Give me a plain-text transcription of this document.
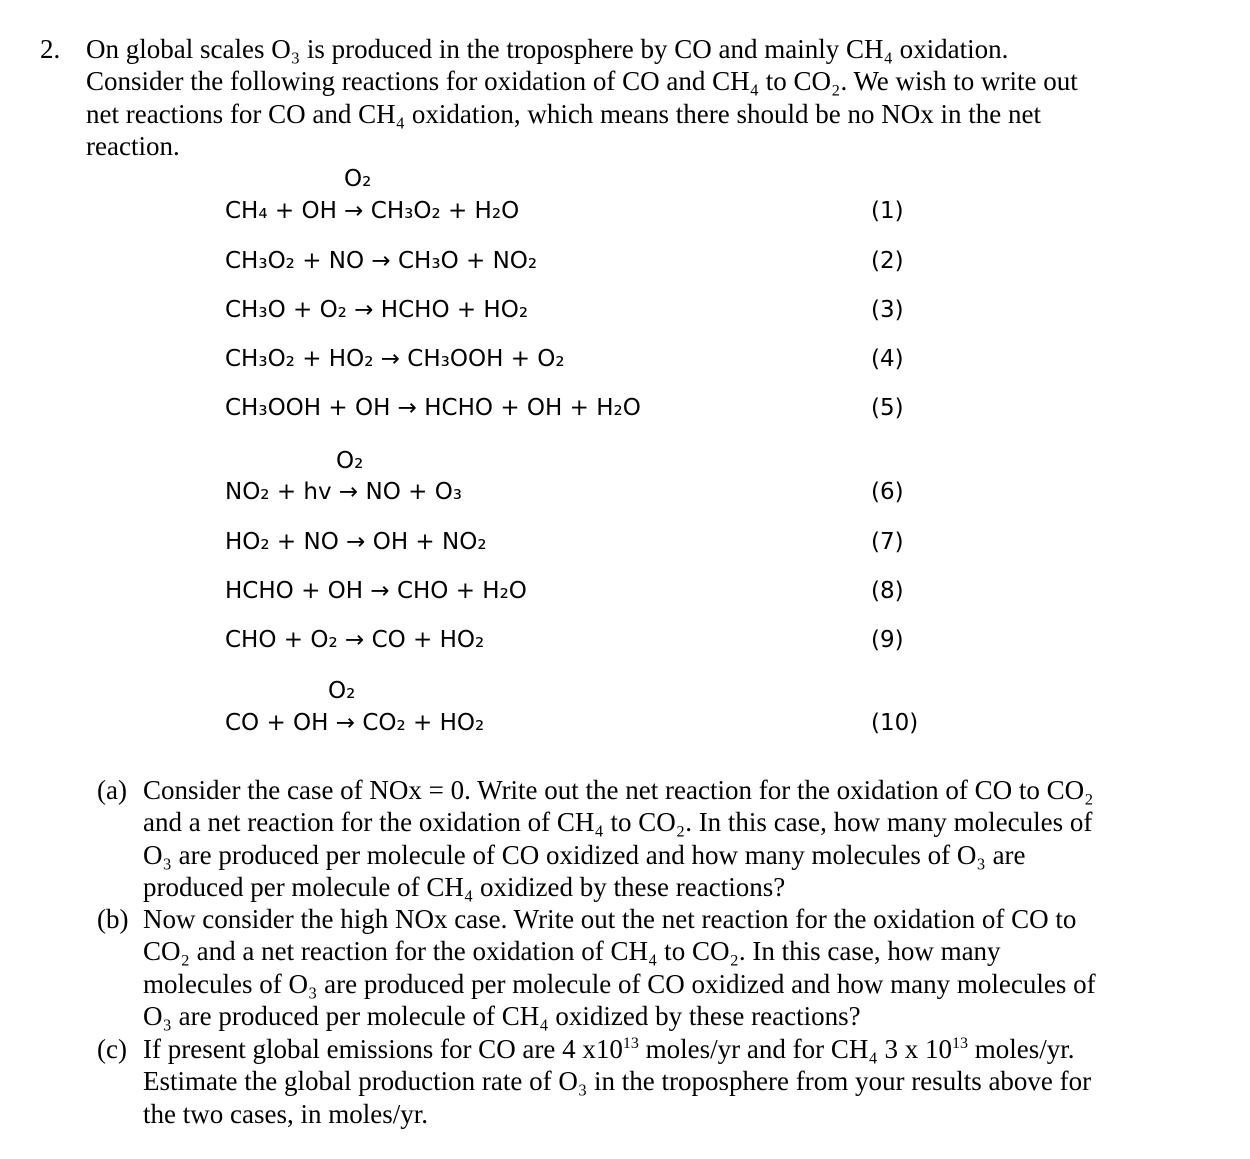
2. On global scales O₃ is produced in the troposphere by CO and mainly CH₄ oxidation.
Consider the following reactions for oxidation of CO and CH₄ to CO₂. We wish to write out
net reactions for CO and CH₄ oxidation, which means there should be no NOx in the net
reaction.
O₂
CH₄ + OH → CH₃O₂ + H₂O	(1)
CH₃O₂ + NO → CH₃O + NO₂	(2)
CH₃O + O₂ → HCHO + HO₂	(3)
CH₃O₂ + HO₂ → CH₃OOH + O₂	(4)
CH₃OOH + OH → HCHO + OH + H₂O	(5)
O₂
NO₂ + hv → NO + O₃	(6)
HO₂ + NO → OH + NO₂	(7)
HCHO + OH → CHO + H₂O	(8)
CHO + O₂ → CO + HO₂	(9)
O₂
CO + OH → CO₂ + HO₂	(10)
(a) Consider the case of NOx = 0. Write out the net reaction for the oxidation of CO to CO₂
and a net reaction for the oxidation of CH₄ to CO₂. In this case, how many molecules of
O₃ are produced per molecule of CO oxidized and how many molecules of O₃ are
produced per molecule of CH₄ oxidized by these reactions?
(b) Now consider the high NOx case. Write out the net reaction for the oxidation of CO to
CO₂ and a net reaction for the oxidation of CH₄ to CO₂. In this case, how many
molecules of O₃ are produced per molecule of CO oxidized and how many molecules of
O₃ are produced per molecule of CH₄ oxidized by these reactions?
(c) If present global emissions for CO are 4 $x10^{13}$ moles/yr and for CH₄ 3 x $10^{13}$ moles/yr.
Estimate the global production rate of O₃ in the troposphere from your results above for
the two cases, in moles/yr.
